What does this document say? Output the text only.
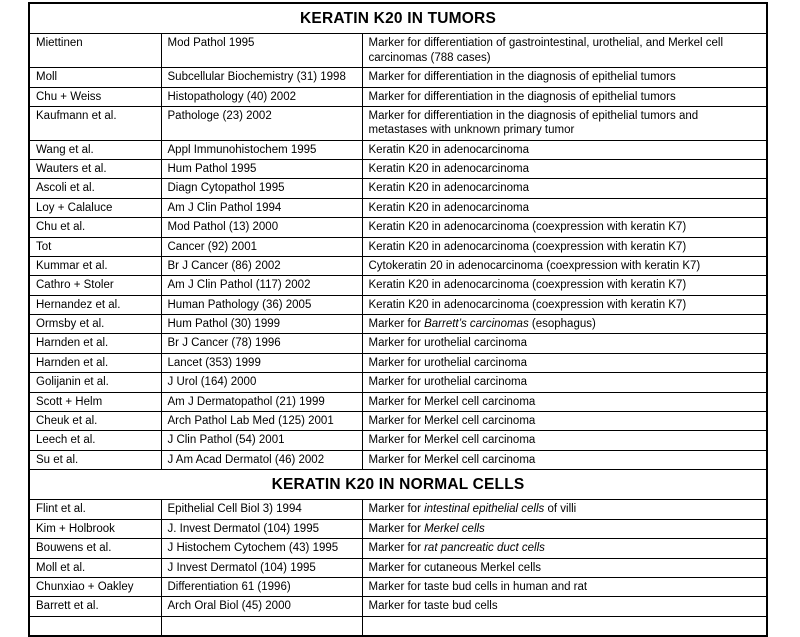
KERATIN K20 IN TUMORS		
Miettinen	Mod Pathol 1995	Marker for differentiation of gastrointestinal, urothelial, and Merkel cell carcinomas (788 cases)
Moll	Subcellular Biochemistry (31) 1998	Marker for differentiation in the diagnosis of epithelial tumors
Chu + Weiss	Histopathology (40) 2002	Marker for differentiation in the diagnosis of epithelial tumors
Kaufmann et al.	Pathologe (23) 2002	Marker for differentiation in the diagnosis of epithelial tumors and metastases with unknown primary tumor
Wang et al.	Appl Immunohistochem 1995	Keratin K20 in adenocarcinoma
Wauters et al.	Hum Pathol 1995	Keratin K20 in adenocarcinoma
Ascoli et al.	Diagn Cytopathol 1995	Keratin K20 in adenocarcinoma
Loy + Calaluce	Am J Clin Pathol 1994	Keratin K20 in adenocarcinoma
Chu et al.	Mod Pathol (13) 2000	Keratin K20 in adenocarcinoma (coexpression with keratin K7)
Tot	Cancer (92) 2001	Keratin K20 in adenocarcinoma (coexpression with keratin K7)
Kummar et al.	Br J Cancer (86) 2002	Cytokeratin 20 in adenocarcinoma (coexpression with keratin K7)
Cathro + Stoler	Am J Clin Pathol (117) 2002	Keratin K20 in adenocarcinoma (coexpression with keratin K7)
Hernandez et al.	Human Pathology (36) 2005	Keratin K20 in adenocarcinoma (coexpression with keratin K7)
Ormsby et al.	Hum Pathol (30) 1999	Marker for Barrett’s carcinomas (esophagus)
Harnden et al.	Br J Cancer (78) 1996	Marker for urothelial carcinoma
Harnden et al.	Lancet (353) 1999	Marker for urothelial carcinoma
Golijanin et al.	J Urol (164) 2000	Marker for urothelial carcinoma
Scott + Helm	Am J Dermatopathol (21) 1999	Marker for Merkel cell carcinoma
Cheuk et al.	Arch Pathol Lab Med (125) 2001	Marker for Merkel cell carcinoma
Leech et al.	J Clin Pathol (54) 2001	Marker for Merkel cell carcinoma
Su et al.	J Am Acad Dermatol (46) 2002	Marker for Merkel cell carcinoma
KERATIN K20 IN NORMAL CELLS		
Flint et al.	Epithelial Cell Biol 3) 1994	Marker for intestinal epithelial cells of villi
Kim + Holbrook	J. Invest Dermatol (104) 1995	Marker for Merkel cells
Bouwens et al.	J Histochem Cytochem (43) 1995	Marker for rat pancreatic duct cells
Moll et al.	J Invest Dermatol (104) 1995	Marker for cutaneous Merkel cells
Chunxiao + Oakley	Differentiation 61 (1996)	Marker for taste bud cells in human and rat
Barrett et al.	Arch Oral Biol (45) 2000	Marker for taste bud cells
